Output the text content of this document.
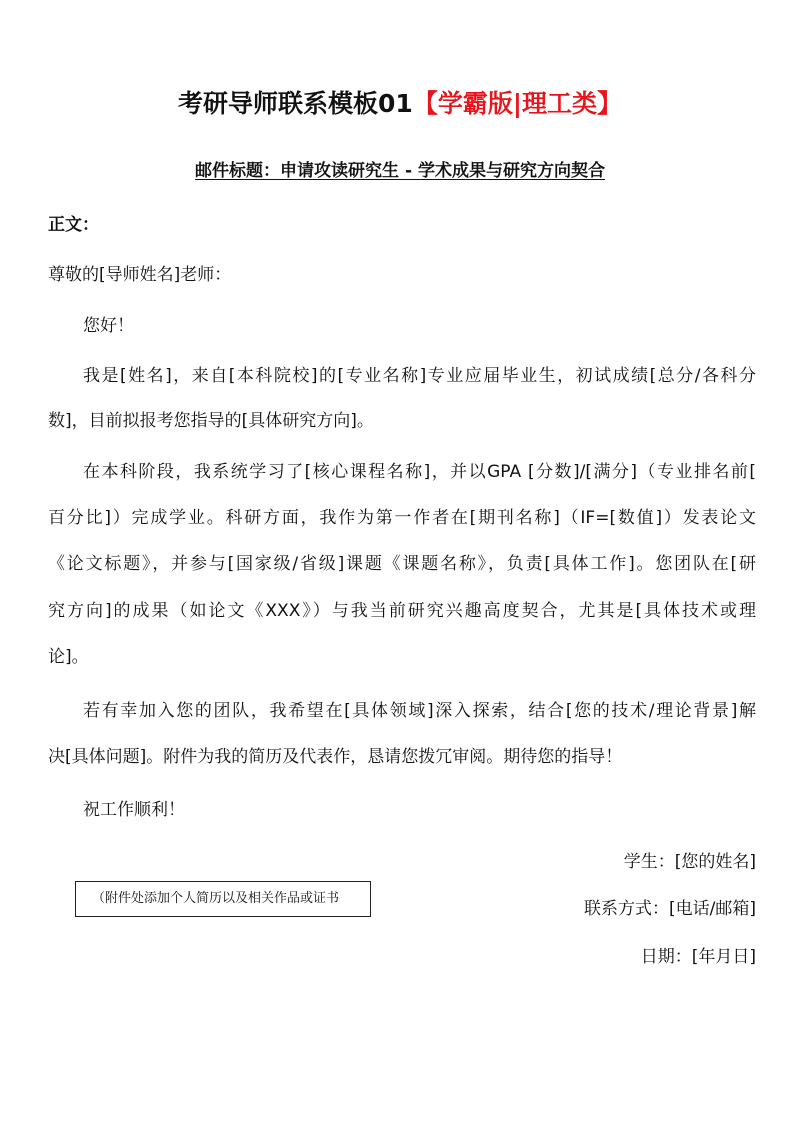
考研导师联系模板01【学霸版|理工类】
邮件标题：申请攻读研究生 - 学术成果与研究方向契合
正文：
尊敬的[导师姓名]老师：
您好！
我是[姓名]，来自[本科院校]的[专业名称]专业应届毕业生，初试成绩[总分/各科分
数]，目前拟报考您指导的[具体研究方向]。
在本科阶段，我系统学习了[核心课程名称]，并以GPA [分数]/[满分]（专业排名前[
百分比]）完成学业。科研方面，我作为第一作者在[期刊名称]（IF=[数值]）发表论文
《论文标题》，并参与[国家级/省级]课题《课题名称》，负责[具体工作]。您团队在[研
究方向]的成果（如论文《XXX》）与我当前研究兴趣高度契合，尤其是[具体技术或理
论]。
若有幸加入您的团队，我希望在[具体领域]深入探索，结合[您的技术/理论背景]解
决[具体问题]。附件为我的简历及代表作，恳请您拨冗审阅。期待您的指导！
祝工作顺利！
学生：[您的姓名]
联系方式：[电话/邮箱]
日期：[年月日]
（附件处添加个人简历以及相关作品或证书
